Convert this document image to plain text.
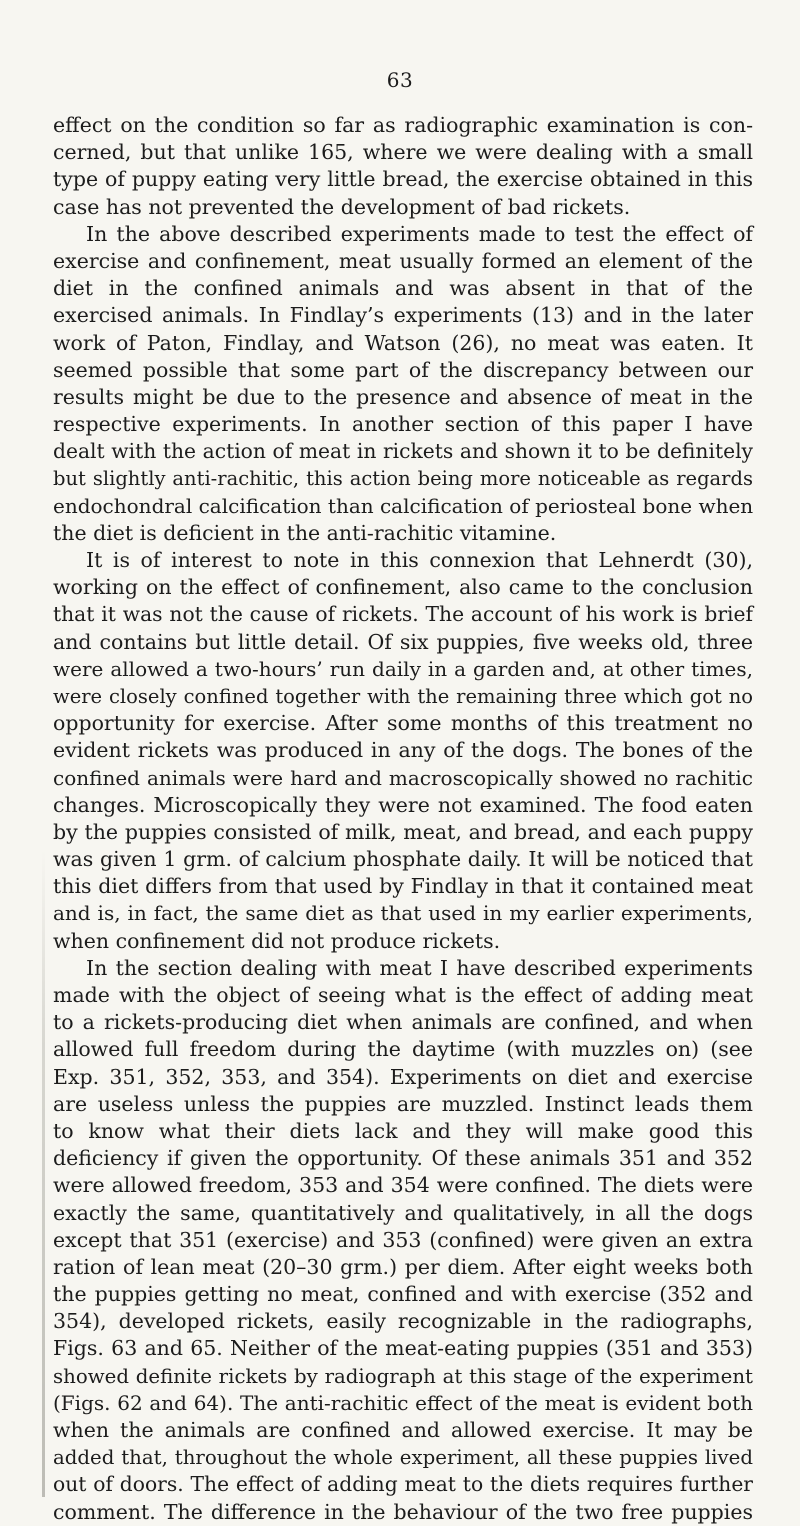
63
effect on the condition so far as radiographic examination is con-
cerned, but that unlike 165, where we were dealing with a small
type of puppy eating very little bread, the exercise obtained in this
case has not prevented the development of bad rickets.
In the above described experiments made to test the effect of
exercise and confinement, meat usually formed an element of the
diet in the confined animals and was absent in that of the
exercised animals. In Findlay’s experiments (13) and in the later
work of Paton, Findlay, and Watson (26), no meat was eaten. It
seemed possible that some part of the discrepancy between our
results might be due to the presence and absence of meat in the
respective experiments. In another section of this paper I have
dealt with the action of meat in rickets and shown it to be definitely
but slightly anti-rachitic, this action being more noticeable as regards
endochondral calcification than calcification of periosteal bone when
the diet is deficient in the anti-rachitic vitamine.
It is of interest to note in this connexion that Lehnerdt (30),
working on the effect of confinement, also came to the conclusion
that it was not the cause of rickets. The account of his work is brief
and contains but little detail. Of six puppies, five weeks old, three
were allowed a two-hours’ run daily in a garden and, at other times,
were closely confined together with the remaining three which got no
opportunity for exercise. After some months of this treatment no
evident rickets was produced in any of the dogs. The bones of the
confined animals were hard and macroscopically showed no rachitic
changes. Microscopically they were not examined. The food eaten
by the puppies consisted of milk, meat, and bread, and each puppy
was given 1 grm. of calcium phosphate daily. It will be noticed that
this diet differs from that used by Findlay in that it contained meat
and is, in fact, the same diet as that used in my earlier experiments,
when confinement did not produce rickets.
In the section dealing with meat I have described experiments
made with the object of seeing what is the effect of adding meat
to a rickets-producing diet when animals are confined, and when
allowed full freedom during the daytime (with muzzles on) (see
Exp. 351, 352, 353, and 354). Experiments on diet and exercise
are useless unless the puppies are muzzled. Instinct leads them
to know what their diets lack and they will make good this
deficiency if given the opportunity. Of these animals 351 and 352
were allowed freedom, 353 and 354 were confined. The diets were
exactly the same, quantitatively and qualitatively, in all the dogs
except that 351 (exercise) and 353 (confined) were given an extra
ration of lean meat (20–30 grm.) per diem. After eight weeks both
the puppies getting no meat, confined and with exercise (352 and
354), developed rickets, easily recognizable in the radiographs,
Figs. 63 and 65. Neither of the meat-eating puppies (351 and 353)
showed definite rickets by radiograph at this stage of the experiment
(Figs. 62 and 64). The anti-rachitic effect of the meat is evident both
when the animals are confined and allowed exercise. It may be
added that, throughout the whole experiment, all these puppies lived
out of doors. The effect of adding meat to the diets requires further
comment. The difference in the behaviour of the two free puppies
